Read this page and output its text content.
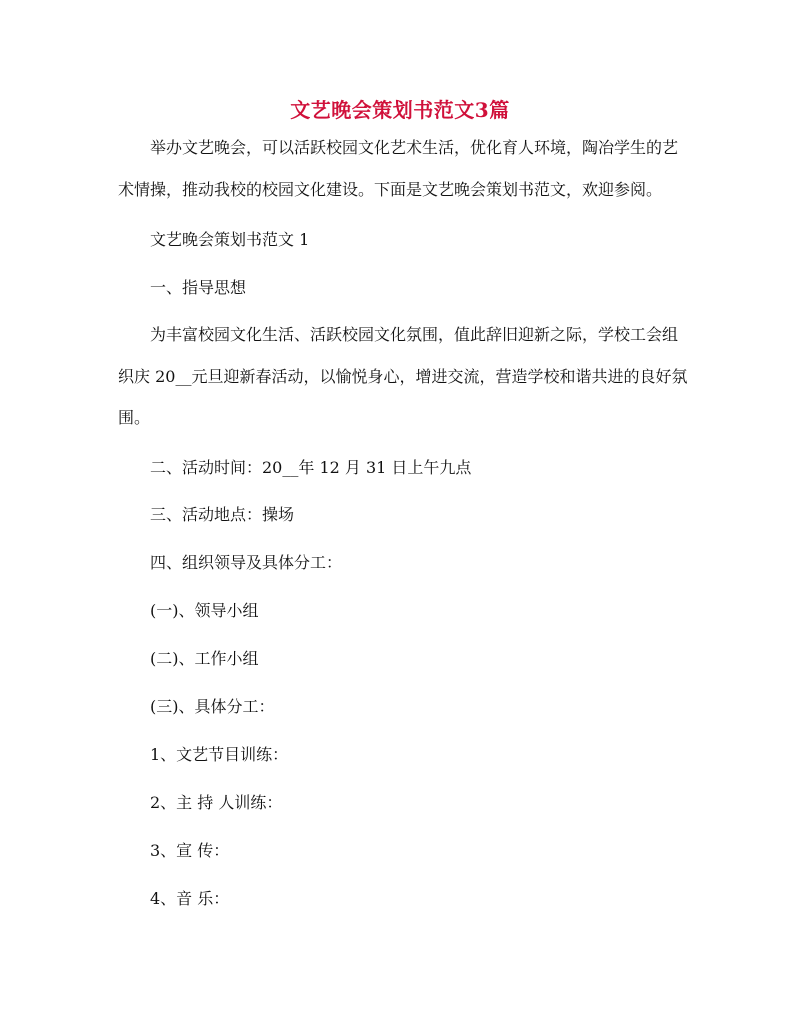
文艺晚会策划书范文3篇
举办文艺晚会，可以活跃校园文化艺术生活，优化育人环境，陶冶学生的艺
术情操，推动我校的校园文化建设。下面是文艺晚会策划书范文，欢迎参阅。
文艺晚会策划书范文 1
一、指导思想
为丰富校园文化生活、活跃校园文化氛围，值此辞旧迎新之际，学校工会组
织庆 20__元旦迎新春活动，以愉悦身心，增进交流，营造学校和谐共进的良好氛
围。
二、活动时间：20__年 12 月 31 日上午九点
三、活动地点：操场
四、组织领导及具体分工：
(一)、领导小组
(二)、工作小组
(三)、具体分工：
1、文艺节目训练：
2、主 持 人训练：
3、宣 传：
4、音 乐：
